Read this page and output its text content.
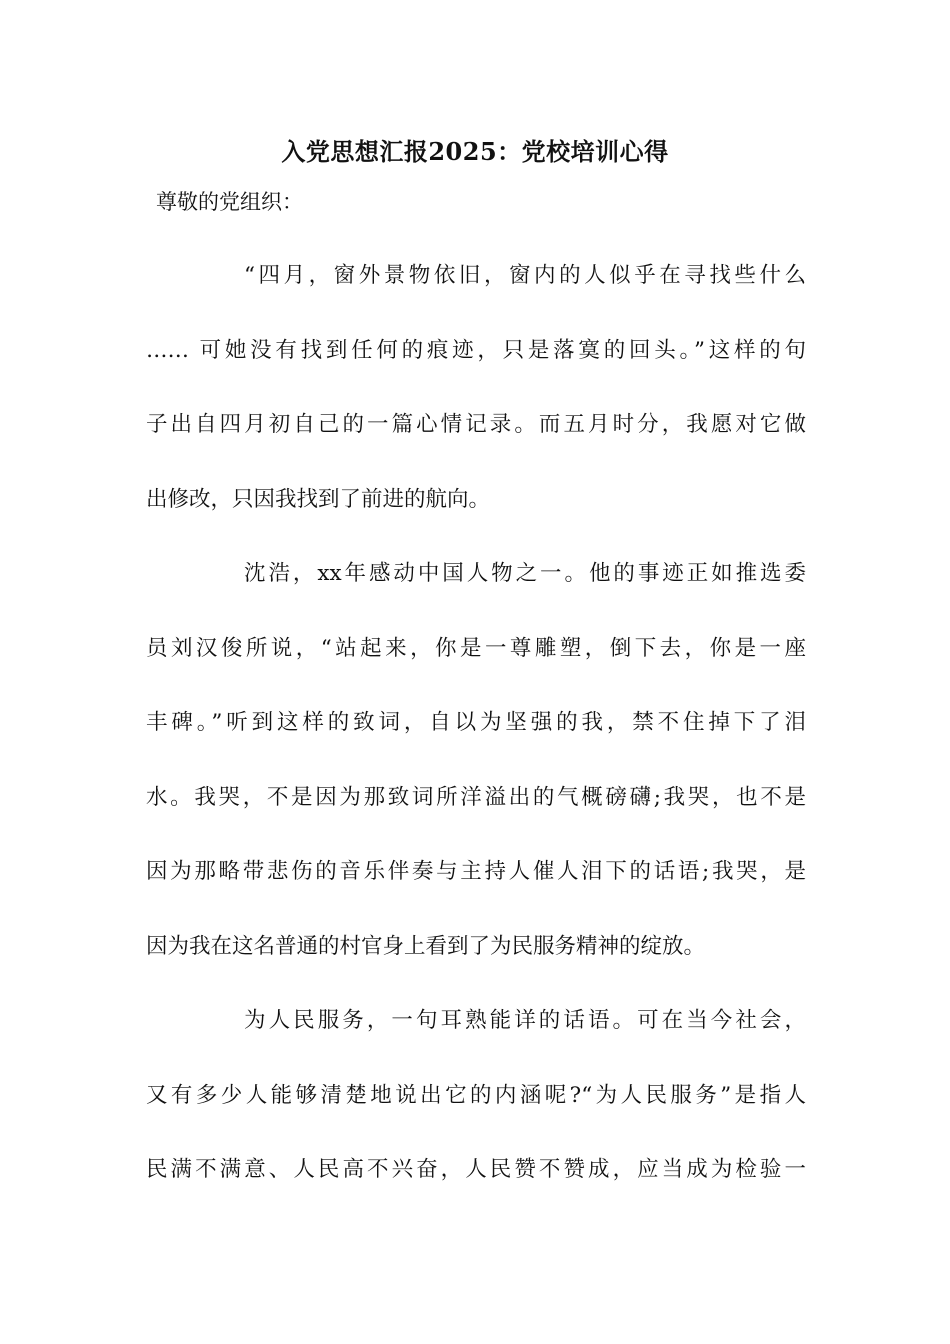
入党思想汇报2025：党校培训心得

尊敬的党组织：

“四月，窗外景物依旧，窗内的人似乎在寻找些什么
…… 可她没有找到任何的痕迹，只是落寞的回头。”这样的句
子出自四月初自己的一篇心情记录。而五月时分，我愿对它做
出修改，只因我找到了前进的航向。
沈浩，xx年感动中国人物之一。他的事迹正如推选委
员刘汉俊所说，“站起来，你是一尊雕塑，倒下去，你是一座
丰碑。”听到这样的致词，自以为坚强的我，禁不住掉下了泪
水。我哭，不是因为那致词所洋溢出的气概磅礴;我哭，也不是
因为那略带悲伤的音乐伴奏与主持人催人泪下的话语;我哭，是
因为我在这名普通的村官身上看到了为民服务精神的绽放。
为人民服务，一句耳熟能详的话语。可在当今社会，
又有多少人能够清楚地说出它的内涵呢?“为人民服务”是指人
民满不满意、人民高不兴奋，人民赞不赞成，应当成为检验一
